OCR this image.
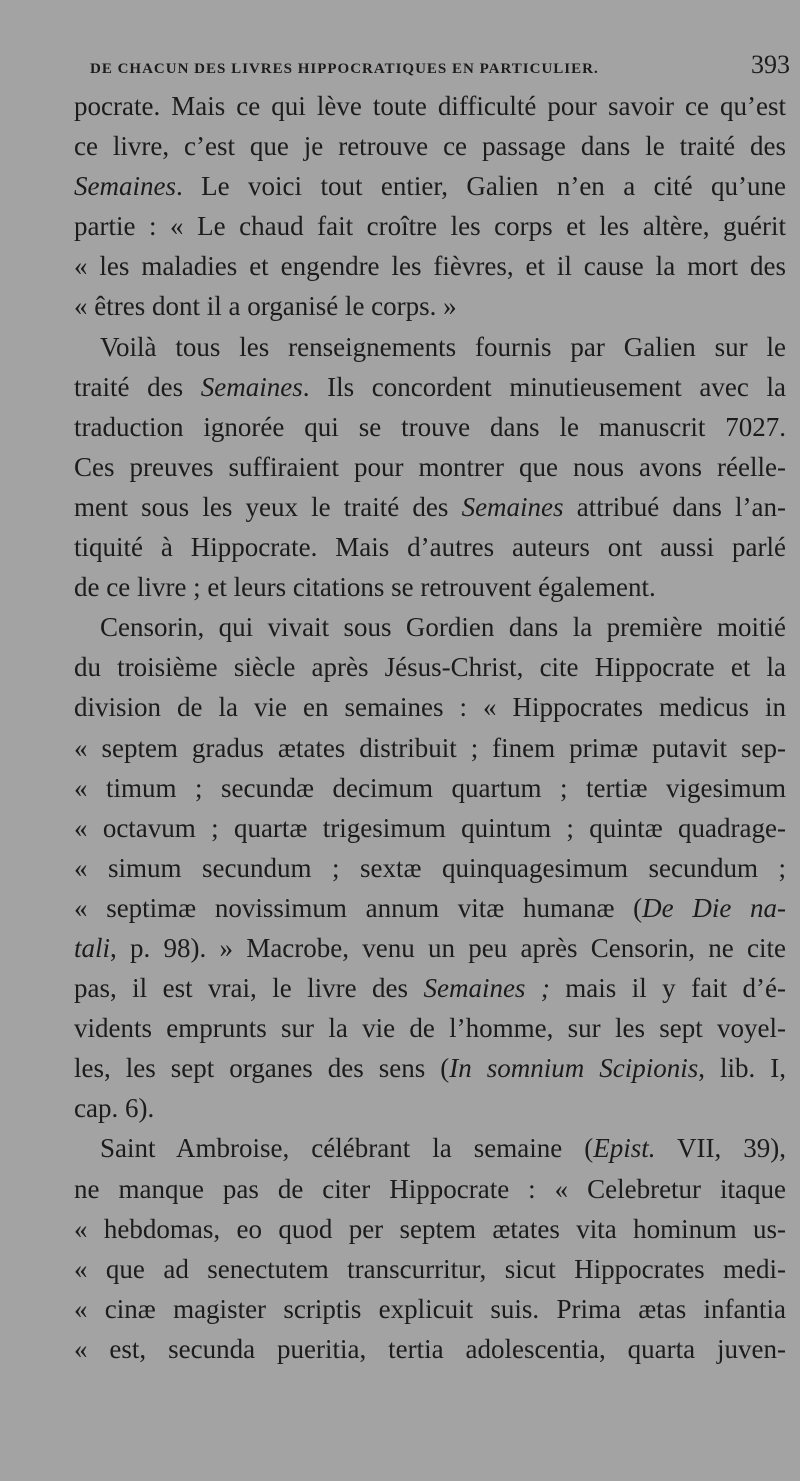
DE CHACUN DES LIVRES HIPPOCRATIQUES EN PARTICULIER.	393
pocrate. Mais ce qui lève toute difficulté pour savoir ce qu’est
ce livre, c’est que je retrouve ce passage dans le traité des
Semaines. Le voici tout entier, Galien n’en a cité qu’une
partie : « Le chaud fait croître les corps et les altère, guérit
« les maladies et engendre les fièvres, et il cause la mort des
« êtres dont il a organisé le corps. »
Voilà tous les renseignements fournis par Galien sur le
traité des Semaines. Ils concordent minutieusement avec la
traduction ignorée qui se trouve dans le manuscrit 7027.
Ces preuves suffiraient pour montrer que nous avons réelle-
ment sous les yeux le traité des Semaines attribué dans l’an-
tiquité à Hippocrate. Mais d’autres auteurs ont aussi parlé
de ce livre ; et leurs citations se retrouvent également.
Censorin, qui vivait sous Gordien dans la première moitié
du troisième siècle après Jésus-Christ, cite Hippocrate et la
division de la vie en semaines : « Hippocrates medicus in
« septem gradus ætates distribuit ; finem primæ putavit sep-
« timum ; secundæ decimum quartum ; tertiæ vigesimum
« octavum ; quartæ trigesimum quintum ; quintæ quadrage-
« simum secundum ; sextæ quinquagesimum secundum ;
« septimæ novissimum annum vitæ humanæ (De Die na-
tali, p. 98). » Macrobe, venu un peu après Censorin, ne cite
pas, il est vrai, le livre des Semaines ; mais il y fait d’é-
vidents emprunts sur la vie de l’homme, sur les sept voyel-
les, les sept organes des sens (In somnium Scipionis, lib. I,
cap. 6).
Saint Ambroise, célébrant la semaine (Epist. VII, 39),
ne manque pas de citer Hippocrate : « Celebretur itaque
« hebdomas, eo quod per septem ætates vita hominum us-
« que ad senectutem transcurritur, sicut Hippocrates medi-
« cinæ magister scriptis explicuit suis. Prima ætas infantia
« est, secunda pueritia, tertia adolescentia, quarta juven-
